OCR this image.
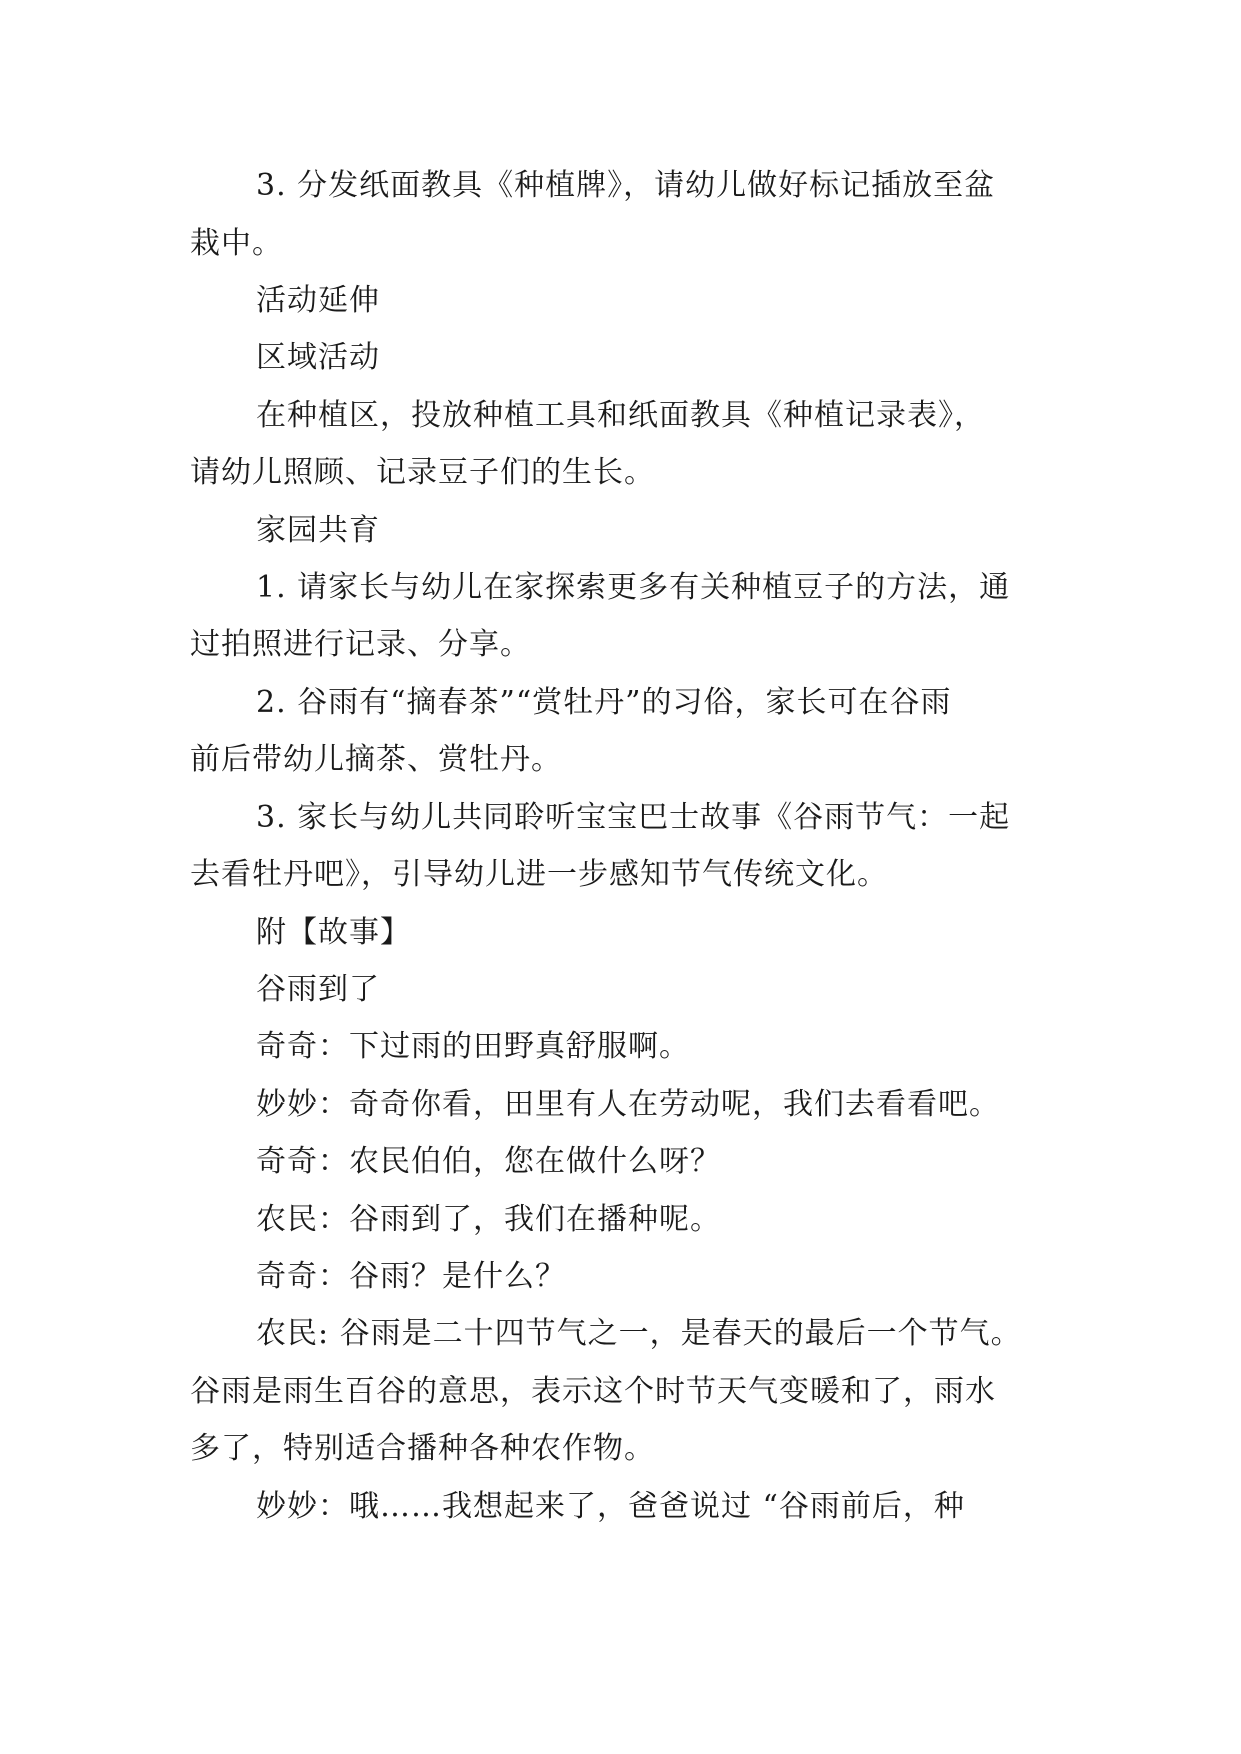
3. 分发纸面教具《种植牌》，请幼儿做好标记插放至盆
栽中。
活动延伸
区域活动
在种植区，投放种植工具和纸面教具《种植记录表》，
请幼儿照顾、记录豆子们的生长。
家园共育
1. 请家长与幼儿在家探索更多有关种植豆子的方法，通
过拍照进行记录、分享。
2. 谷雨有“摘春茶”“赏牡丹”的习俗，家长可在谷雨
前后带幼儿摘茶、赏牡丹。
3. 家长与幼儿共同聆听宝宝巴士故事《谷雨节气：一起
去看牡丹吧》，引导幼儿进一步感知节气传统文化。
附【故事】
谷雨到了
奇奇：下过雨的田野真舒服啊。
妙妙：奇奇你看，田里有人在劳动呢，我们去看看吧。
奇奇：农民伯伯，您在做什么呀？
农民：谷雨到了，我们在播种呢。
奇奇：谷雨？是什么？
农民: 谷雨是二十四节气之一，是春天的最后一个节气。
谷雨是雨生百谷的意思，表示这个时节天气变暖和了，雨水
多了，特别适合播种各种农作物。
妙妙：哦……我想起来了，爸爸说过 “谷雨前后，种
